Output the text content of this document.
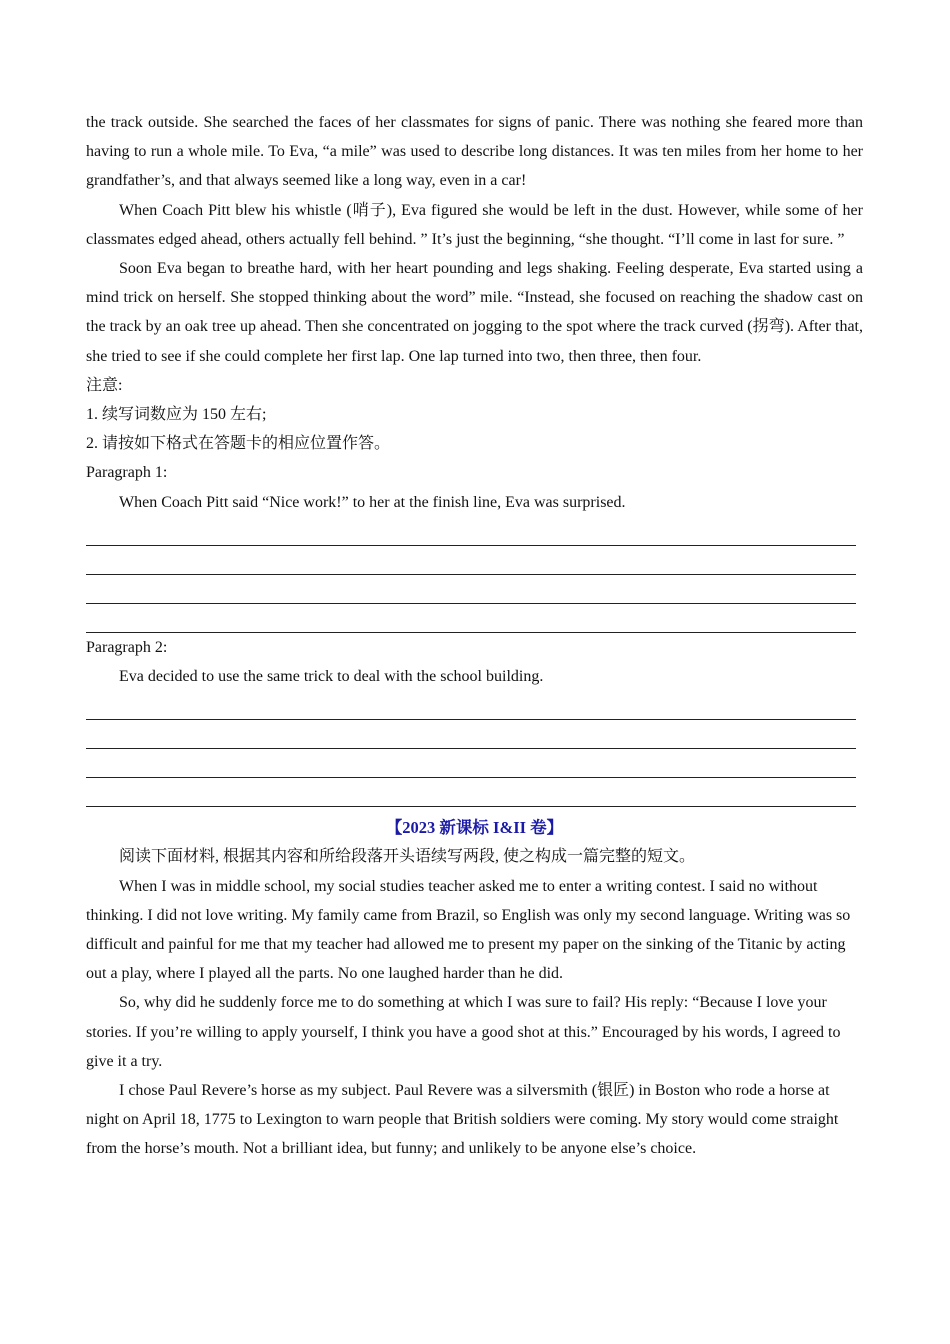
the track outside. She searched the faces of her classmates for signs of panic. There was nothing she feared more than having to run a whole mile. To Eva, “a mile” was used to describe long distances. It was ten miles from her home to her grandfather’s, and that always seemed like a long way, even in a car!

When Coach Pitt blew his whistle (哨子), Eva figured she would be left in the dust. However, while some of her classmates edged ahead, others actually fell behind. ” It’s just the beginning, “she thought. “I’ll come in last for sure. ”

Soon Eva began to breathe hard, with her heart pounding and legs shaking. Feeling desperate, Eva started using a mind trick on herself. She stopped thinking about the word” mile. “Instead, she focused on reaching the shadow cast on the track by an oak tree up ahead. Then she concentrated on jogging to the spot where the track curved (拐弯). After that, she tried to see if she could complete her first lap. One lap turned into two, then three, then four.

注意:

1. 续写词数应为 150 左右;

2. 请按如下格式在答题卡的相应位置作答。

Paragraph 1:

When Coach Pitt said “Nice work!” to her at the finish line, Eva was surprised.

Paragraph 2:

Eva decided to use the same trick to deal with the school building.

【2023 新课标 I&II 卷】

阅读下面材料, 根据其内容和所给段落开头语续写两段, 使之构成一篇完整的短文。

When I was in middle school, my social studies teacher asked me to enter a writing contest. I said no without thinking. I did not love writing. My family came from Brazil, so English was only my second language. Writing was so difficult and painful for me that my teacher had allowed me to present my paper on the sinking of the Titanic by acting out a play, where I played all the parts. No one laughed harder than he did.

So, why did he suddenly force me to do something at which I was sure to fail? His reply: “Because I love your stories. If you’re willing to apply yourself, I think you have a good shot at this.” Encouraged by his words, I agreed to give it a try.

I chose Paul Revere’s horse as my subject. Paul Revere was a silversmith (银匠) in Boston who rode a horse at night on April 18, 1775 to Lexington to warn people that British soldiers were coming. My story would come straight from the horse’s mouth. Not a brilliant idea, but funny; and unlikely to be anyone else’s choice.
